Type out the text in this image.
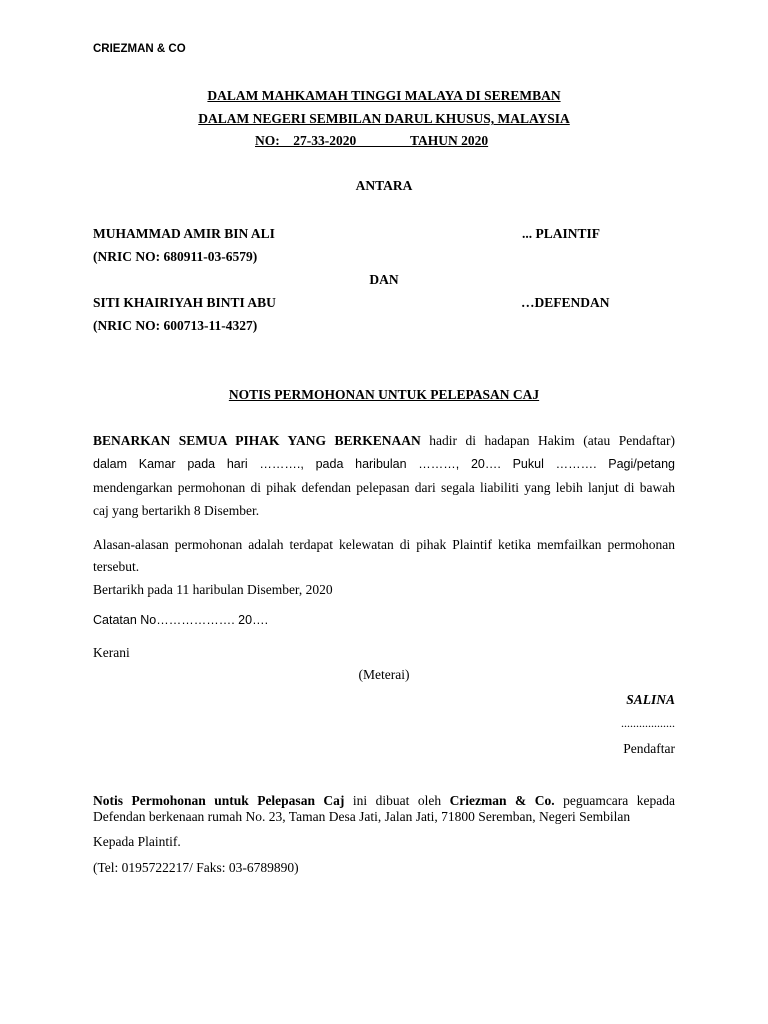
CRIEZMAN & CO
DALAM MAHKAMAH TINGGI MALAYA DI SEREMBAN
DALAM NEGERI SEMBILAN DARUL KHUSUS, MALAYSIA
NO:    27-33-2020                TAHUN 2020
ANTARA
MUHAMMAD AMIR BIN ALI	... PLAINTIF
(NRIC NO: 680911-03-6579)
DAN
SITI KHAIRIYAH BINTI ABU	…DEFENDAN
(NRIC NO: 600713-11-4327)
NOTIS PERMOHONAN UNTUK PELEPASAN CAJ
BENARKAN SEMUA PIHAK YANG BERKENAAN hadir di hadapan Hakim (atau Pendaftar)
dalam Kamar pada hari ………., pada haribulan ………, 20…. Pukul ………. Pagi/petang
mendengarkan permohonan di pihak defendan pelepasan dari segala liabiliti yang lebih lanjut di bawah
caj yang bertarikh 8 Disember.
Alasan-alasan permohonan adalah terdapat kelewatan di pihak Plaintif ketika memfailkan permohonan
tersebut.
Bertarikh pada 11 haribulan Disember, 2020
Catatan No………………. 20….
Kerani
(Meterai)
SALINA
..................
Pendaftar
Notis Permohonan untuk Pelepasan Caj ini dibuat oleh Criezman & Co. peguamcara kepada
Defendan berkenaan rumah No. 23, Taman Desa Jati, Jalan Jati, 71800 Seremban, Negeri Sembilan
Kepada Plaintif.
(Tel: 0195722217/ Faks: 03-6789890)
